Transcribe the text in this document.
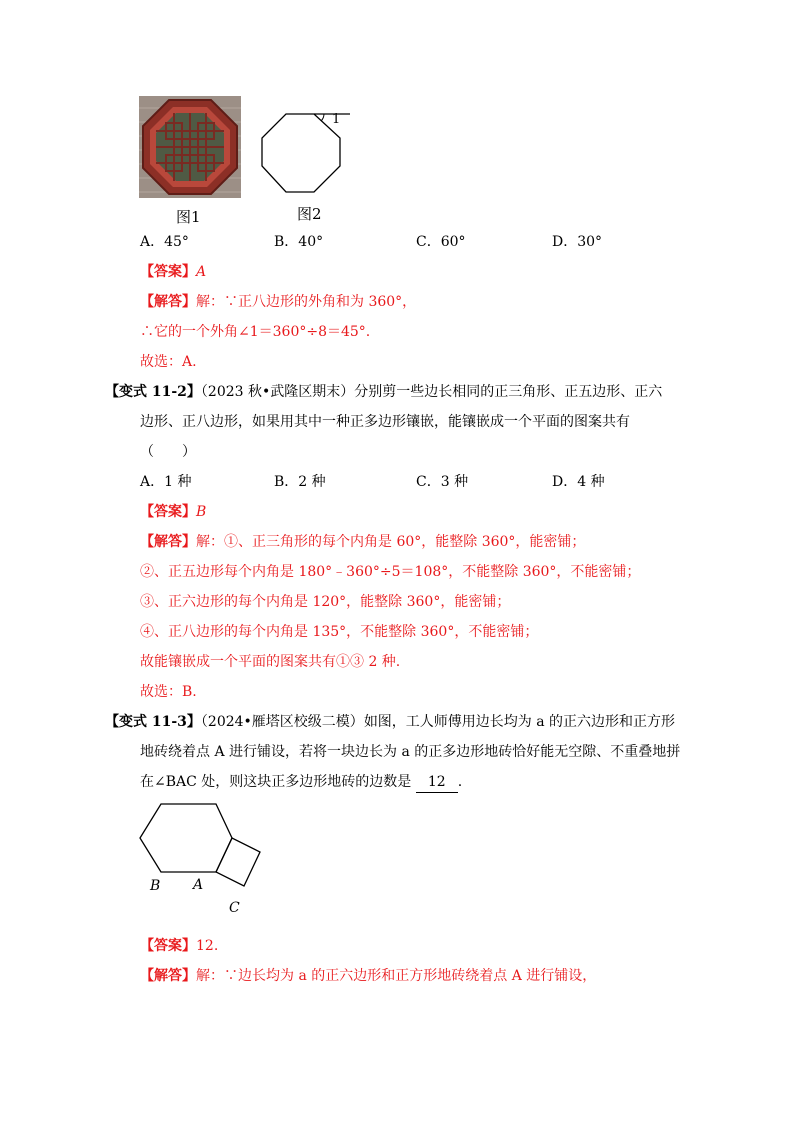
图1
1
图2
A．45°	B．40°	C．60°	D．30°
【答案】A
【解答】解：∵正八边形的外角和为 360°，
∴它的一个外角∠1＝360°÷8＝45°.
故选：A.
【变式 11-2】（2023 秋•武隆区期末）分别剪一些边长相同的正三角形、正五边形、正六
边形、正八边形，如果用其中一种正多边形镶嵌，能镶嵌成一个平面的图案共有
（　　）
A．1 种	B．2 种	C．3 种	D．4 种
【答案】B
【解答】解：①、正三角形的每个内角是 60°，能整除 360°，能密铺；
②、正五边形每个内角是 180°﹣360°÷5＝108°，不能整除 360°，不能密铺；
③、正六边形的每个内角是 120°，能整除 360°，能密铺；
④、正八边形的每个内角是 135°，不能整除 360°，不能密铺；
故能镶嵌成一个平面的图案共有①③ 2 种.
故选：B.
【变式 11-3】（2024•雁塔区校级二模）如图，工人师傅用边长均为 a 的正六边形和正方形
地砖绕着点 A 进行铺设，若将一块边长为 a 的正多边形地砖恰好能无空隙、不重叠地拼
在∠BAC 处，则这块正多边形地砖的边数是 12 .
B A
C
【答案】12.
【解答】解：∵边长均为 a 的正六边形和正方形地砖绕着点 A 进行铺设，
